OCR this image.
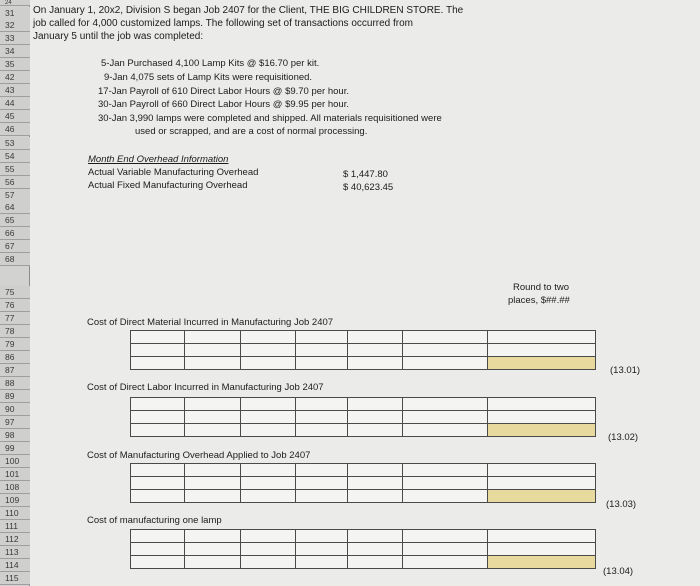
24
31
32
33
34
35
42
43
44
45
46
53
54
55
56
57
64
65
66
67
68
75
76
77
78
79
86
87
88
89
90
97
98
99
100
101
108
109
110
111
112
113
114
115
On January 1, 20x2, Division S began Job 2407 for the Client, THE BIG CHILDREN STORE. The
job called for 4,000 customized lamps. The following set of transactions occurred from
January 5 until the job was completed:
5-Jan Purchased 4,100 Lamp Kits @ $16.70 per kit.
9-Jan 4,075 sets of Lamp Kits were requisitioned.
17-Jan Payroll of 610 Direct Labor Hours @ $9.70 per hour.
30-Jan Payroll of 660 Direct Labor Hours @ $9.95 per hour.
30-Jan 3,990 lamps were completed and shipped. All materials requisitioned were
used or scrapped, and are a cost of normal processing.
Month End Overhead Information
Actual Variable Manufacturing Overhead	$ 1,447.80
Actual Fixed Manufacturing Overhead	$ 40,623.45
Round to two
places, $##.##
Cost of Direct Material Incurred in Manufacturing Job 2407

(13.01)
Cost of Direct Labor Incurred in Manufacturing Job 2407

(13.02)
Cost of Manufacturing Overhead Applied to Job 2407

(13.03)
Cost of manufacturing one lamp

(13.04)
